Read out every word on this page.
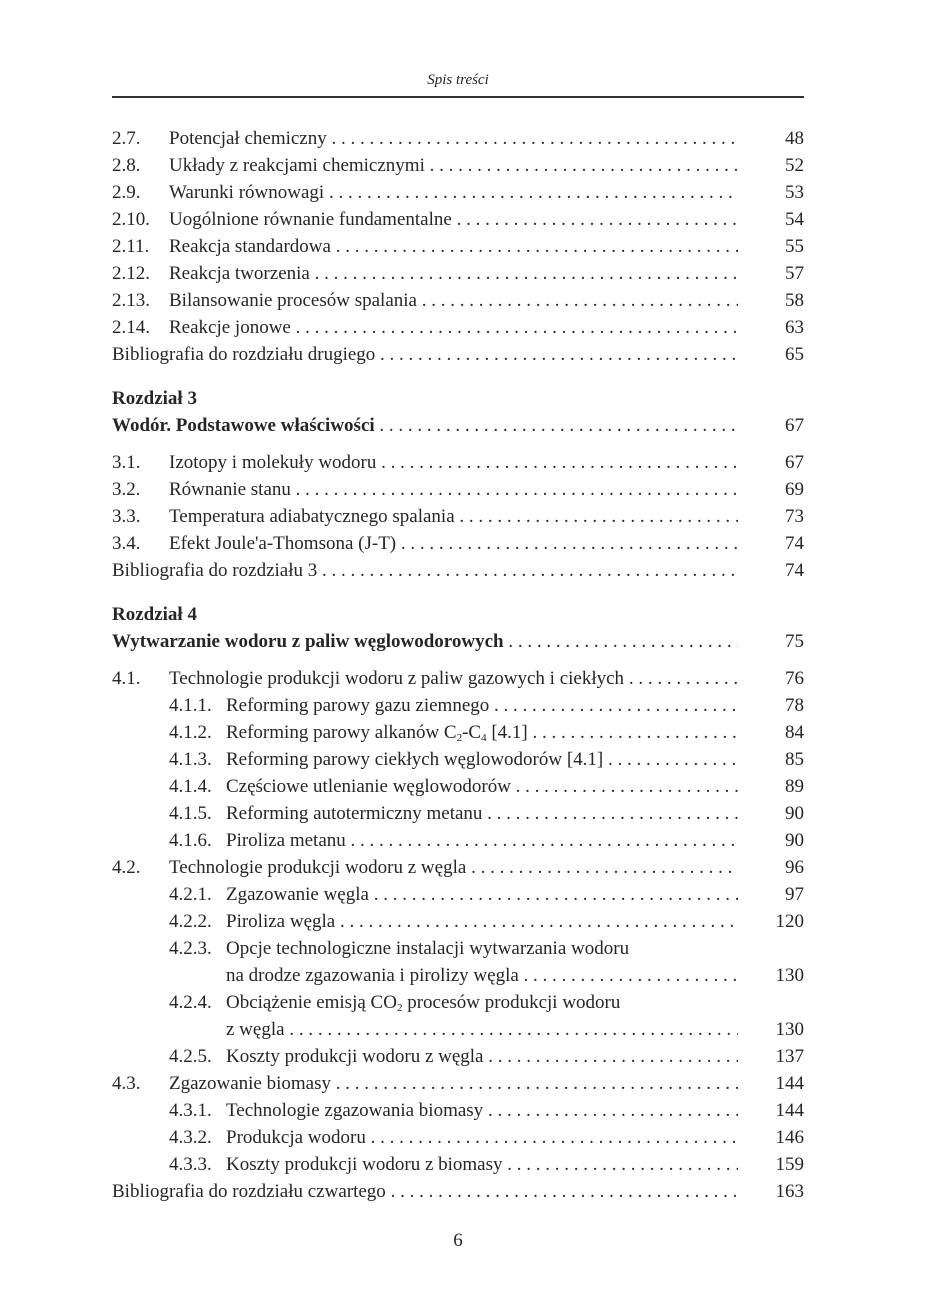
Spis treści
2.7. Potencjał chemiczny . . .	48
2.8. Układy z reakcjami chemicznymi . . .	52
2.9. Warunki równowagi . . .	53
2.10. Uogólnione równanie fundamentalne . . .	54
2.11. Reakcja standardowa . . .	55
2.12. Reakcja tworzenia . . .	57
2.13. Bilansowanie procesów spalania . . .	58
2.14. Reakcje jonowe . . .	63
Bibliografia do rozdziału drugiego . . .	65
Rozdział 3
Wodór. Podstawowe właściwości . . .	67
3.1. Izotopy i molekuły wodoru . . .	67
3.2. Równanie stanu . . .	69
3.3. Temperatura adiabatycznego spalania . . .	73
3.4. Efekt Joule'a-Thomsona (J-T) . . .	74
Bibliografia do rozdziału 3 . . .	74
Rozdział 4
Wytwarzanie wodoru z paliw węglowodorowych . . .	75
4.1. Technologie produkcji wodoru z paliw gazowych i ciekłych . . .	76
4.1.1. Reforming parowy gazu ziemnego . . .	78
4.1.2. Reforming parowy alkanów $C_2-C_4$ [4.1] . . .	84
4.1.3. Reforming parowy ciekłych węglowodorów [4.1] . . .	85
4.1.4. Częściowe utlenianie węglowodorów . . .	89
4.1.5. Reforming autotermiczny metanu . . .	90
4.1.6. Piroliza metanu . . .	90
4.2. Technologie produkcji wodoru z węgla . . .	96
4.2.1. Zgazowanie węgla . . .	97
4.2.2. Piroliza węgla . . .	120
4.2.3. Opcje technologiczne instalacji wytwarzania wodoru
na drodze zgazowania i pirolizy węgla . . .	130
4.2.4. Obciążenie emisją $CO_2$ procesów produkcji wodoru
z węgla . . .	130
4.2.5. Koszty produkcji wodoru z węgla . . .	137
4.3. Zgazowanie biomasy . . .	144
4.3.1. Technologie zgazowania biomasy . . .	144
4.3.2. Produkcja wodoru . . .	146
4.3.3. Koszty produkcji wodoru z biomasy . . .	159
Bibliografia do rozdziału czwartego . . .	163
6
